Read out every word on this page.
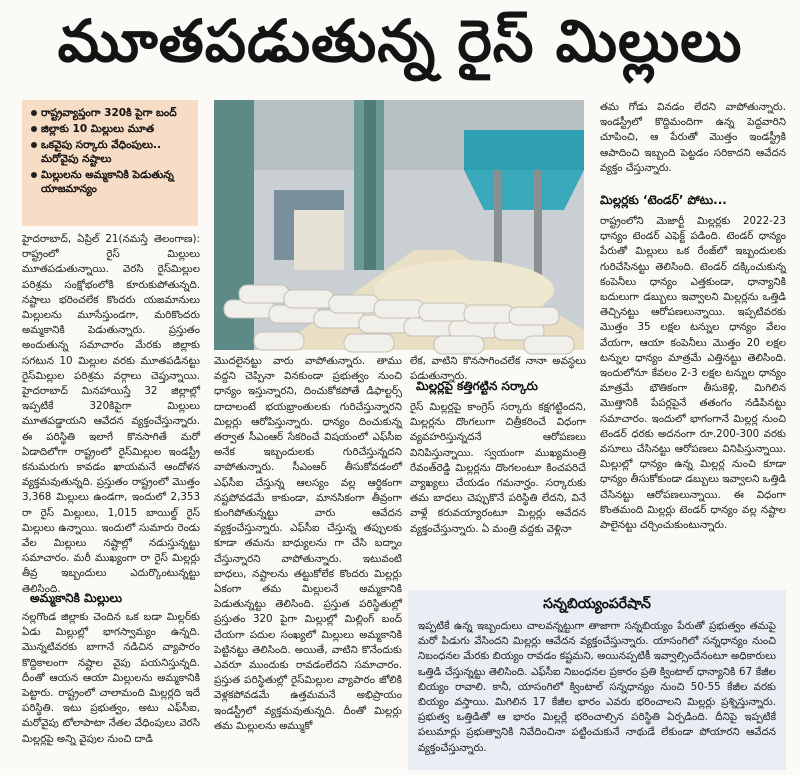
మూతపడుతున్న రైస్ మిల్లులు
రాష్ట్రవ్యాప్తంగా 320కి పైగా బంద్
జిల్లాకు 10 మిల్లులు మూత
ఒకవైపు సర్కారు వేధింపులు.. మరోవైపు నష్టాలు
మిల్లులను అమ్మకానికి పెడుతున్న యాజమాన్యం

హైదరాబాద్, ఏప్రిల్ 21(నమస్తే తెలంగాణ): రాష్ట్రంలో రైస్ మిల్లులు మూతపడుతున్నాయి. వెరసి రైస్‌మిల్లుల పరిశ్రమ సంక్షోభంలోకి కూరుకుపోతున్నది. నష్టాలు భరించలేక కొందరు యజమానులు మిల్లులను మూసేస్తుండగా, మరికొందరు అమ్మకానికి పెడుతున్నారు. ప్రస్తుతం అందుతున్న సమాచారం మేరకు జిల్లాకు సగటున 10 మిల్లుల వరకు మూతపడినట్టు రైస్‌మిల్లుల పరిశ్రమ వర్గాలు చెప్తున్నాయి. హైదరాబాద్ మినహాయిస్తే 32 జిల్లాల్లో ఇప్పటికే 320కిపైగా మిల్లులు మూతపడ్డాయని ఆవేదన వ్యక్తంచేస్తున్నారు. ఈ పరిస్థితి ఇలాగే కొనసాగితే మరో ఏడాదిలోగా రాష్ట్రంలో రైస్‌మిల్లుల ఇండస్ట్రీ కనుమరుగు కావడం ఖాయమనే ఆందోళన వ్యక్తమవుతున్నది. ప్రస్తుతం రాష్ట్రంలో మొత్తం 3,368 మిల్లులు ఉండగా, ఇందులో 2,353 రా రైస్ మిల్లులు, 1,015 బాయిల్డ్ రైస్ మిల్లులు ఉన్నాయి. ఇందులో సుమారు రెండు వేల మిల్లులు నష్టాల్లో నడుస్తున్నట్టు సమాచారం. మరీ ముఖ్యంగా రా రైస్ మిల్లర్లు తీవ్ర ఇబ్బందులు ఎదుర్కొంటున్నట్టు తెలిసింది.

అమ్మకానికి మిల్లులు

నల్లగొండ జిల్లాకు చెందిన ఒక బడా మిల్లర్‌కు ఏడు మిల్లుల్లో భాగస్వామ్యం ఉన్నది. మొన్నటివరకు బాగానే నడిచిన వ్యాపారం కొద్దికాలంగా నష్టాల వైపు పయనిస్తున్నది. దీంతో ఆయన ఆయా మిల్లులను అమ్మకానికి పెట్టారు. రాష్ట్రంలో చాలామంది మిల్లర్లది ఇదే పరిస్థితి. ఇటు ప్రభుత్వం, అటు ఎఫ్‌సీఐ, మరోవైపు టోలాపాటా నేతల వేధింపులు వెరసి మిల్లర్లపై అన్ని వైపుల నుంచి దాడి

మొదలైనట్టు వారు వాపోతున్నారు. తాము వద్దని చెప్పినా వినకుండా ప్రభుత్వం నుంచి ధాన్యం ఇస్తున్నారని, దించుకోకపోతే డిఫాల్టర్స్ దాదాలంటే భయభ్రాంతులకు గురిచేస్తున్నారని మిల్లర్లు ఆరోపిస్తున్నారు. ధాన్యం దించుకున్న తర్వాత సీఎంఆర్ సేకరించే విషయంలో ఎఫ్‌సీఐ అనేక ఇబ్బందులకు గురిచేస్తున్నదని వాపోతున్నారు. సీఎంఆర్ తీసుకోవడంలో ఎఫ్‌సీఐ చేస్తున్న ఆలస్యం వల్ల ఆర్థికంగా నష్టపోవడమే కాకుండా, మానసికంగా తీవ్రంగా కుంగిపోతున్నట్టు వారు ఆవేదన వ్యక్తంచేస్తున్నారు. ఎఫ్‌సీఐ చేస్తున్న తప్పులకు కూడా తమను బాధ్యులను గా చేసి బద్నాం చేస్తున్నారని వాపోతున్నారు. ఇటువంటి బాధలు, నష్టాలను తట్టుకోలేక కొందరు మిల్లర్లు ఏకంగా తమ మిల్లులనే అమ్మకానికి పెడుతున్నట్టు తెలిసింది. ప్రస్తుత పరిస్థితుల్లో ప్రస్తుతం 320 పైగా మిల్లుల్లో మిల్లింగ్ బంద్ చేయగా పదుల సంఖ్యలో మిల్లులు అమ్మకానికి పెట్టినట్టు తెలిసింది. అయితే, వాటిని కొనేందుకు ఎవరూ ముందుకు రావడంలేదని సమాచారం. ప్రస్తుత పరిస్థితుల్లో రైస్‌మిల్లుల వ్యాపారం జోలికి వెళ్లకపోవడమే ఉత్తమమనే అభిప్రాయం ఇండస్ట్రీలో వ్యక్తమవుతున్నది. దీంతో మిల్లర్లు తమ మిల్లులను అమ్ముకో

లేక, వాటిని కొనసాగించలేక నానా అవస్థలు పడుతున్నారు.

మిల్లర్లపై కత్తిగట్టిన సర్కారు

రైస్ మిల్లర్లపై కాంగ్రెస్ సర్కారు కక్షగట్టిందని, మిల్లర్లను దొంగలుగా చిత్రీకరించే విధంగా వ్యవహరిస్తున్నదనే ఆరోపణలు వినిపిస్తున్నాయి. స్వయంగా ముఖ్యమంత్రి రేవంత్‌రెడ్డి మిల్లర్లను దొంగలంటూ కించపరిచే వ్యాఖ్యలు చేయడం గమనార్హం. సర్కారుకు తమ బాధలు చెప్పుకొనే పరిస్థితి లేదని, వినే వాళ్లే కరువయ్యారంటూ మిల్లర్లు ఆవేదన వ్యక్తంచేస్తున్నారు. ఏ మంత్రి వద్దకు వెళ్లినా

తమ గోడు వినడం లేదని వాపోతున్నారు. ఇండస్ట్రీలో కొద్దిమందిగా ఉన్న పెద్దవారిని చూపించి, ఆ పేరుతో మొత్తం ఇండస్ట్రీకి ఆపాదించి ఇబ్బంది పెట్టడం సరికాదని ఆవేదన వ్యక్తం చేస్తున్నారు.

మిల్లర్లకు ‘టెండర్’ పోటు...

రాష్ట్రంలోని మెజార్టీ మిల్లర్లకు 2022-23 ధాన్యం టెండర్ ఎఫెక్ట్ పడింది. టెండర్ ధాన్యం పేరుతో మిల్లులు ఒక రేంజ్‌లో ఇబ్బందులకు గురిచేసినట్టు తెలిసింది. టెండర్ దక్కించుకున్న కంపెనీలు ధాన్యం ఎత్తకుండా, ధాన్యానికి బదులుగా డబ్బులు ఇవ్వాలని మిల్లర్లను ఒత్తిడి తెచ్చినట్టు ఆరోపణలున్నాయి. ఇప్పటివరకు మొత్తం 35 లక్షల టన్నుల ధాన్యం వేలం వేయగా, ఆయా కంపెనీలు మొత్తం 20 లక్షల టన్నుల ధాన్యం మాత్రమే ఎత్తినట్టు తెలిసింది. ఇందులోనూ కేవలం 2-3 లక్షల టన్నుల ధాన్యం మాత్రమే భౌతికంగా తీసుకెళ్లి, మిగిలిన మొత్తానికి పేపర్లపైనే తతంగం నడిపినట్టు సమాచారం. ఇందులో భాగంగానే మిల్లర్ల నుంచి టెండర్ ధరకు అదనంగా రూ.200-300 వరకు వసూలు చేసినట్టు ఆరోపణలు వినిపిస్తున్నాయి. మిల్లుల్లో ధాన్యం ఉన్న మిల్లర్ల నుంచి కూడా ధాన్యం తీసుకోకుండా డబ్బులు ఇవ్వాలని ఒత్తిడి చేసినట్టు ఆరోపణలున్నాయి. ఈ విధంగా కొంతమంది మిల్లర్లు టెండర్ ధాన్యం వల్ల నష్టాల పాలైనట్టు చర్చించుకుంటున్నారు.

సన్నబియ్యంపరేషాన్

ఇప్పటికే ఉన్న ఇబ్బందులు చాలవన్నట్టుగా తాజాగా సన్నబియ్యం పేరుతో ప్రభుత్వం తమపై మరో పిడుగు వేసిందని మిల్లర్లు ఆవేదన వ్యక్తంచేస్తున్నారు. యాసంగిలో సన్నధాన్యం నుంచి నిబంధనల మేరకు బియ్యం రావడం కష్టమని, అయినప్పటికీ ఇవ్వాల్సిందేనంటూ అధికారులు ఒత్తిడి చేస్తున్నట్టు తెలిసింది. ఎఫ్‌సీఐ నిబంధనల ప్రకారం ప్రతి క్వింటాల్ ధాన్యానికి 67 కేజీల బియ్యం రావాలి. కానీ, యాసంగిలో క్వింటాల్ సన్నధాన్యం నుంచి 50-55 కేజీల వరకు బియ్యం వస్తాయి. మిగిలిన 17 కేజీల భారం ఎవరు భరించాలని మిల్లర్లు ప్రశ్నిస్తున్నారు. ప్రభుత్వ ఒత్తిడితో ఆ భారం మిల్లర్లే భరించాల్సిన పరిస్థితి ఏర్పడింది. దీనిపై ఇప్పటికే పలుమార్లు ప్రభుత్వానికి నివేదించినా పట్టించుకునే నాథుడే లేకుండా పోయారని ఆవేదన వ్యక్తంచేస్తున్నారు.
